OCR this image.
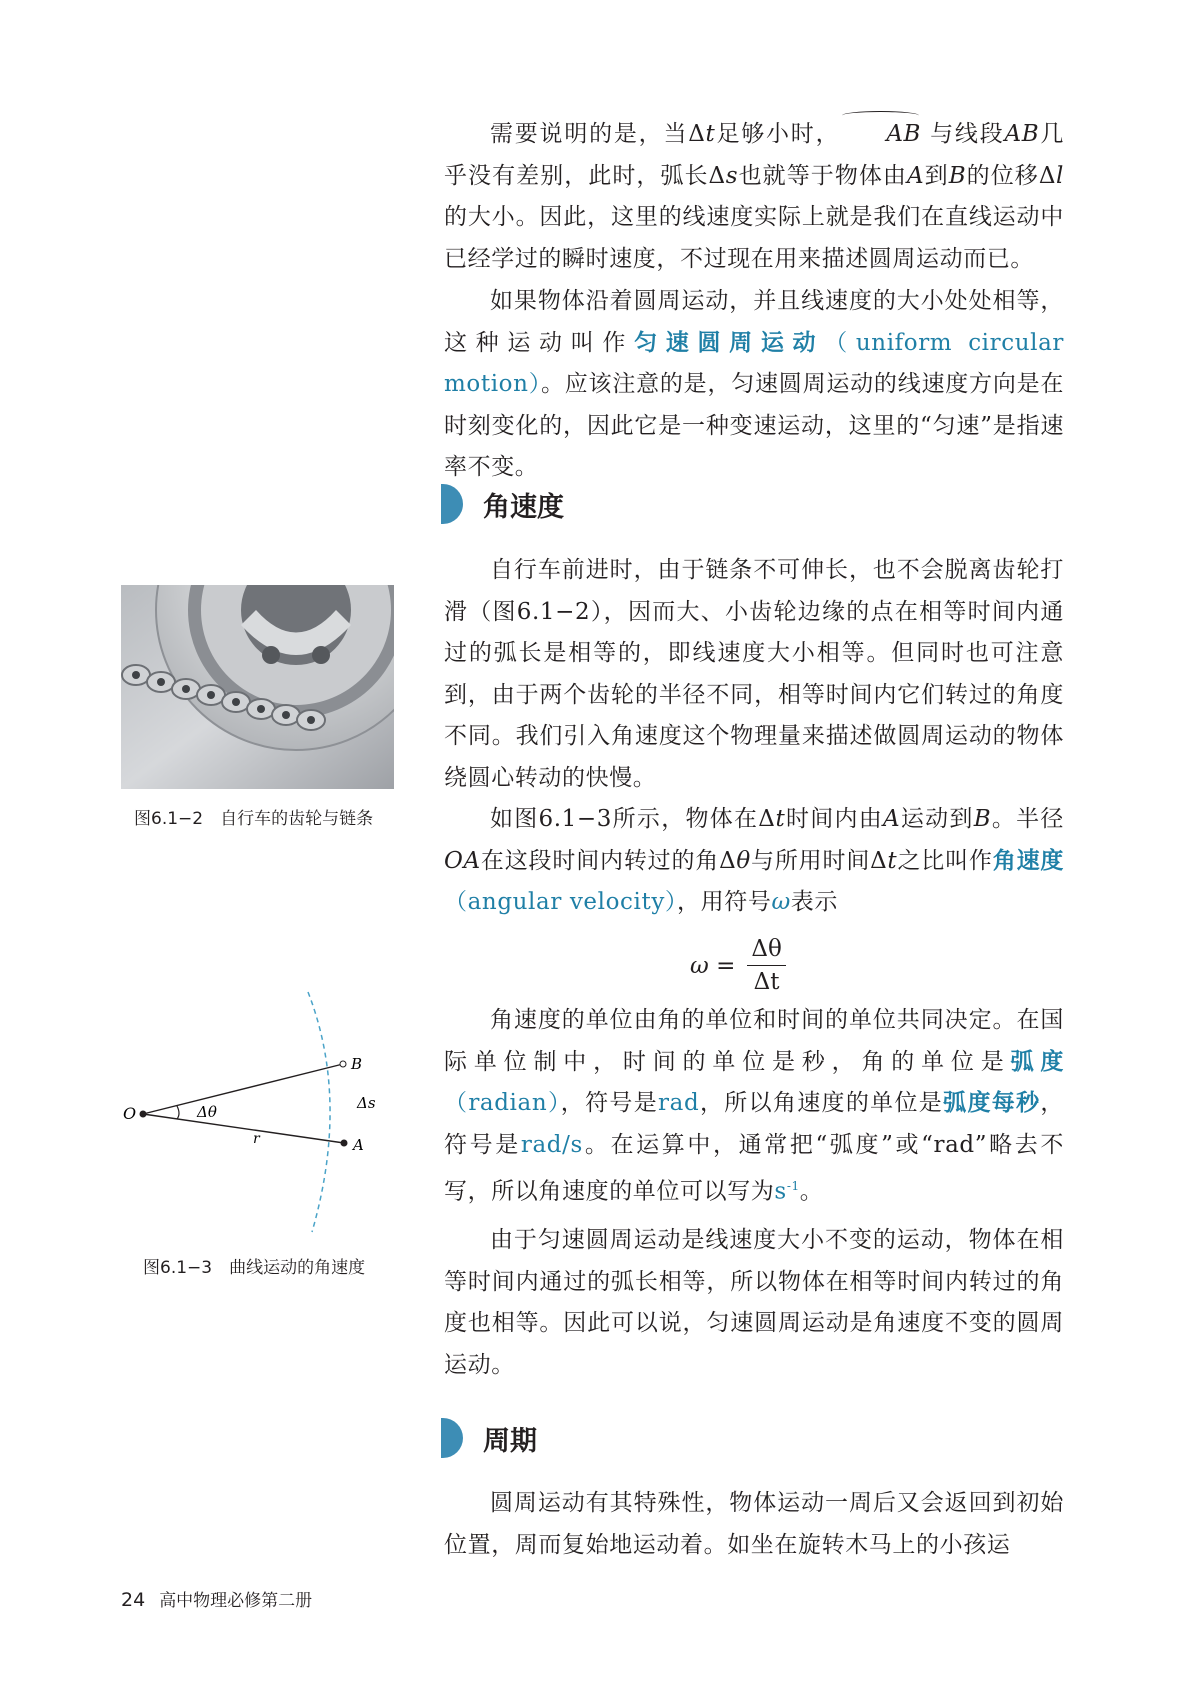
需要说明的是，当Δt足够小时， AB 与线段AB几乎没有差别，此时，弧长Δs也就等于物体由A到B的位移Δl的大小。因此，这里的线速度实际上就是我们在直线运动中已经学过的瞬时速度，不过现在用来描述圆周运动而已。

如果物体沿着圆周运动，并且线速度的大小处处相等，这种运动叫作匀速圆周运动（uniform circular motion）。应该注意的是，匀速圆周运动的线速度方向是在时刻变化的，因此它是一种变速运动，这里的“匀速”是指速率不变。

角速度

自行车前进时，由于链条不可伸长，也不会脱离齿轮打滑（图6.1−2），因而大、小齿轮边缘的点在相等时间内通过的弧长是相等的，即线速度大小相等。但同时也可注意到，由于两个齿轮的半径不同，相等时间内它们转过的角度不同。我们引入角速度这个物理量来描述做圆周运动的物体绕圆心转动的快慢。

如图6.1−3所示，物体在Δt时间内由A运动到B。半径OA在这段时间内转过的角Δθ与所用时间Δt之比叫作角速度（angular velocity），用符号ω表示

$\omega = \frac{\Delta\theta}{\Delta t}$

角速度的单位由角的单位和时间的单位共同决定。在国际单位制中，时间的单位是秒，角的单位是弧度（radian），符号是rad，所以角速度的单位是弧度每秒，符号是rad/s。在运算中，通常把“弧度”或“rad”略去不写，所以角速度的单位可以写为$s^{-1}$。

由于匀速圆周运动是线速度大小不变的运动，物体在相等时间内通过的弧长相等，所以物体在相等时间内转过的角度也相等。因此可以说，匀速圆周运动是角速度不变的圆周运动。

周期

圆周运动有其特殊性，物体运动一周后又会返回到初始位置，周而复始地运动着。如坐在旋转木马上的小孩运

图6.1−2　自行车的齿轮与链条
O
A
B
r
Δθ	Δs
图6.1−3　曲线运动的角速度
24 高中物理必修第二册
